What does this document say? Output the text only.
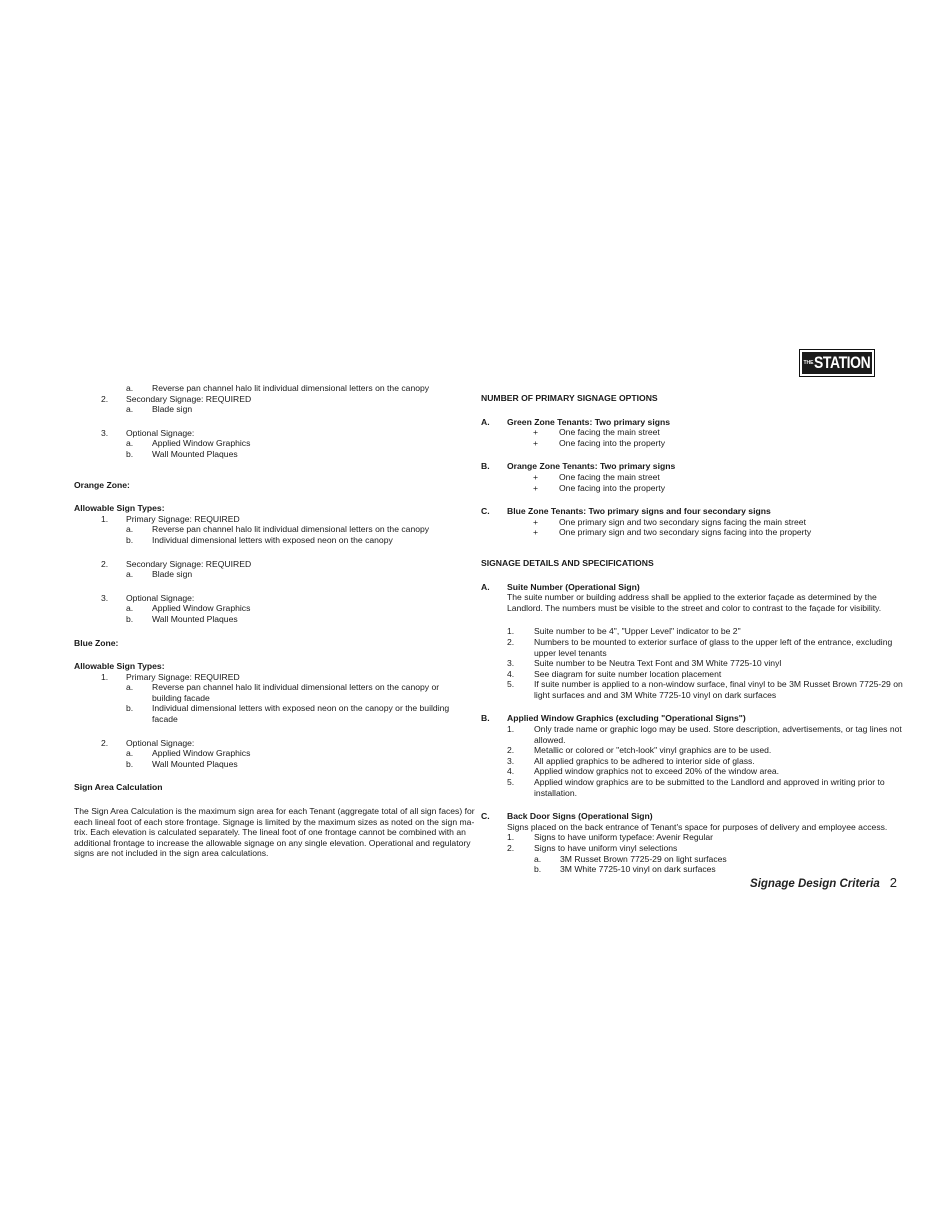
THE STATION
a. Reverse pan channel halo lit individual dimensional letters on the canopy
2. Secondary Signage: REQUIRED
a. Blade sign
3. Optional Signage:
a. Applied Window Graphics
b. Wall Mounted Plaques
Orange Zone:
Allowable Sign Types:
1. Primary Signage: REQUIRED
a. Reverse pan channel halo lit individual dimensional letters on the canopy
b. Individual dimensional letters with exposed neon on the canopy
2. Secondary Signage: REQUIRED
a. Blade sign
3. Optional Signage:
a. Applied Window Graphics
b. Wall Mounted Plaques
Blue Zone:
Allowable Sign Types:
1. Primary Signage: REQUIRED
a. Reverse pan channel halo lit individual dimensional letters on the canopy or
building facade
b. Individual dimensional letters with exposed neon on the canopy or the building
facade
2. Optional Signage:
a. Applied Window Graphics
b. Wall Mounted Plaques
Sign Area Calculation
The Sign Area Calculation is the maximum sign area for each Tenant (aggregate total of all sign faces) for
each lineal foot of each store frontage. Signage is limited by the maximum sizes as noted on the sign ma-
trix. Each elevation is calculated separately. The lineal foot of one frontage cannot be combined with an
additional frontage to increase the allowable signage on any single elevation. Operational and regulatory
signs are not included in the sign area calculations.
NUMBER OF PRIMARY SIGNAGE OPTIONS
A. Green Zone Tenants: Two primary signs
+ One facing the main street
+ One facing into the property
B. Orange Zone Tenants: Two primary signs
+ One facing the main street
+ One facing into the property
C. Blue Zone Tenants: Two primary signs and four secondary signs
+ One primary sign and two secondary signs facing the main street
+ One primary sign and two secondary signs facing into the property
SIGNAGE DETAILS AND SPECIFICATIONS
A. Suite Number (Operational Sign)
The suite number or building address shall be applied to the exterior façade as determined by the
Landlord. The numbers must be visible to the street and color to contrast to the façade for visibility.
1. Suite number to be 4", "Upper Level" indicator to be 2"
2. Numbers to be mounted to exterior surface of glass to the upper left of the entrance, excluding
upper level tenants
3. Suite number to be Neutra Text Font and 3M White 7725-10 vinyl
4. See diagram for suite number location placement
5. If suite number is applied to a non-window surface, final vinyl to be 3M Russet Brown 7725-29 on
light surfaces and and 3M White 7725-10 vinyl on dark surfaces
B. Applied Window Graphics (excluding "Operational Signs")
1. Only trade name or graphic logo may be used. Store description, advertisements, or tag lines not
allowed.
2. Metallic or colored or "etch-look" vinyl graphics are to be used.
3. All applied graphics to be adhered to interior side of glass.
4. Applied window graphics not to exceed 20% of the window area.
5. Applied window graphics are to be submitted to the Landlord and approved in writing prior to
installation.
C. Back Door Signs (Operational Sign)
Signs placed on the back entrance of Tenant's space for purposes of delivery and employee access.
1. Signs to have uniform typeface: Avenir Regular
2. Signs to have uniform vinyl selections
a. 3M Russet Brown 7725-29 on light surfaces
b. 3M White 7725-10 vinyl on dark surfaces
Signage Design Criteria 2
